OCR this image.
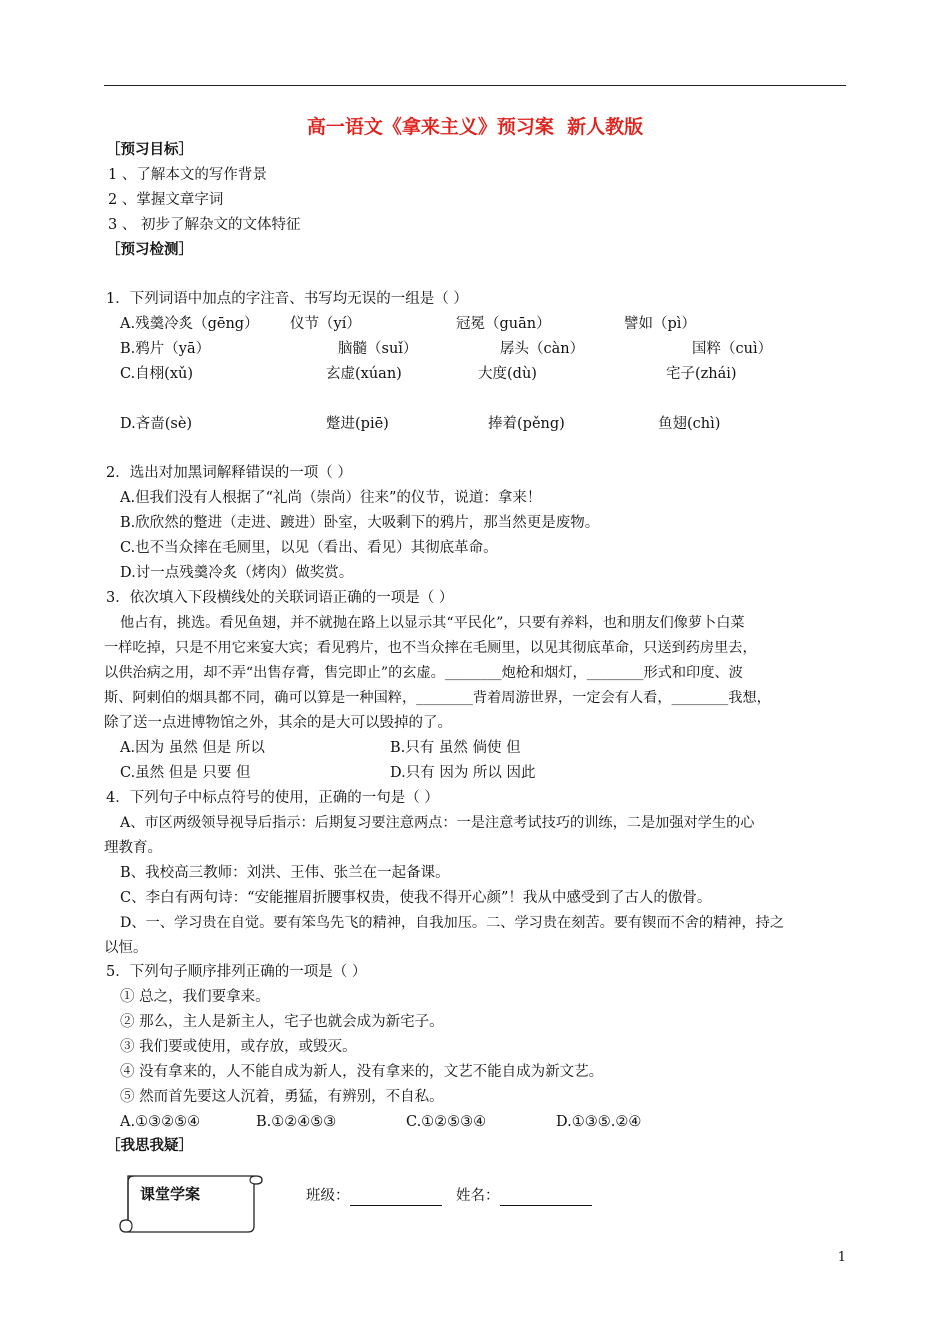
高一语文《拿来主义》预习案  新人教版
［预习目标］
1 、了解本文的写作背景
2 、掌握文章字词
3 、 初步了解杂文的文体特征
［预习检测］
1．下列词语中加点的字注音、书写均无误的一组是（ ）
A.残羹冷炙（gēng） 仪节（yí）	冠冕（guān）	譬如（pì）
B.鸦片（yā）	脑髓（suǐ）	孱头（càn）	国粹（cuì）
C.自栩(xǔ)	玄虚(xúan)	大度(dù)	宅子(zhái)
D.吝啬(sè)	蹩进(piē)	捧着(pěng)	鱼翅(chì)
2．选出对加黑词解释错误的一项（ ）
A.但我们没有人根据了“礼尚（崇尚）往来”的仪节，说道：拿来！
B.欣欣然的蹩进（走进、踱进）卧室，大吸剩下的鸦片，那当然更是废物。
C.也不当众摔在毛厕里，以见（看出、看见）其彻底革命。
D.讨一点残羹冷炙（烤肉）做奖赏。
3．依次填入下段横线处的关联词语正确的一项是（ ）
他占有，挑选。看见鱼翅，并不就抛在路上以显示其“平民化”，只要有养料，也和朋友们像萝卜白菜
一样吃掉，只是不用它来宴大宾；看见鸦片，也不当众摔在毛厕里，以见其彻底革命，只送到药房里去，
以供治病之用，却不弄“出售存膏，售完即止”的玄虚。________炮枪和烟灯，________形式和印度、波
斯、阿剌伯的烟具都不同，确可以算是一种国粹，________背着周游世界，一定会有人看，________我想，
除了送一点进博物馆之外，其余的是大可以毁掉的了。
A.因为 虽然 但是 所以	B.只有 虽然 倘使 但
C.虽然 但是 只要 但	D.只有 因为 所以 因此
4．下列句子中标点符号的使用，正确的一句是（ ）
A、市区两级领导视导后指示：后期复习要注意两点：一是注意考试技巧的训练，二是加强对学生的心
理教育。
B、我校高三教师：刘洪、王伟、张兰在一起备课。
C、李白有两句诗：“安能摧眉折腰事权贵，使我不得开心颜”！我从中感受到了古人的傲骨。
D、一、学习贵在自觉。要有笨鸟先飞的精神，自我加压。二、学习贵在刻苦。要有锲而不舍的精神，持之
以恒。
5．下列句子顺序排列正确的一项是（ ）
① 总之，我们要拿来。
② 那么，主人是新主人，宅子也就会成为新宅子。
③ 我们要或使用，或存放，或毁灭。
④ 没有拿来的，人不能自成为新人，没有拿来的，文艺不能自成为新文艺。
⑤ 然而首先要这人沉着，勇猛，有辨别，不自私。
A.①③②⑤④	B.①②④⑤③	C.①②⑤③④	D.①③⑤.②④
［我思我疑］
课堂学案	班级：	姓名：
1
